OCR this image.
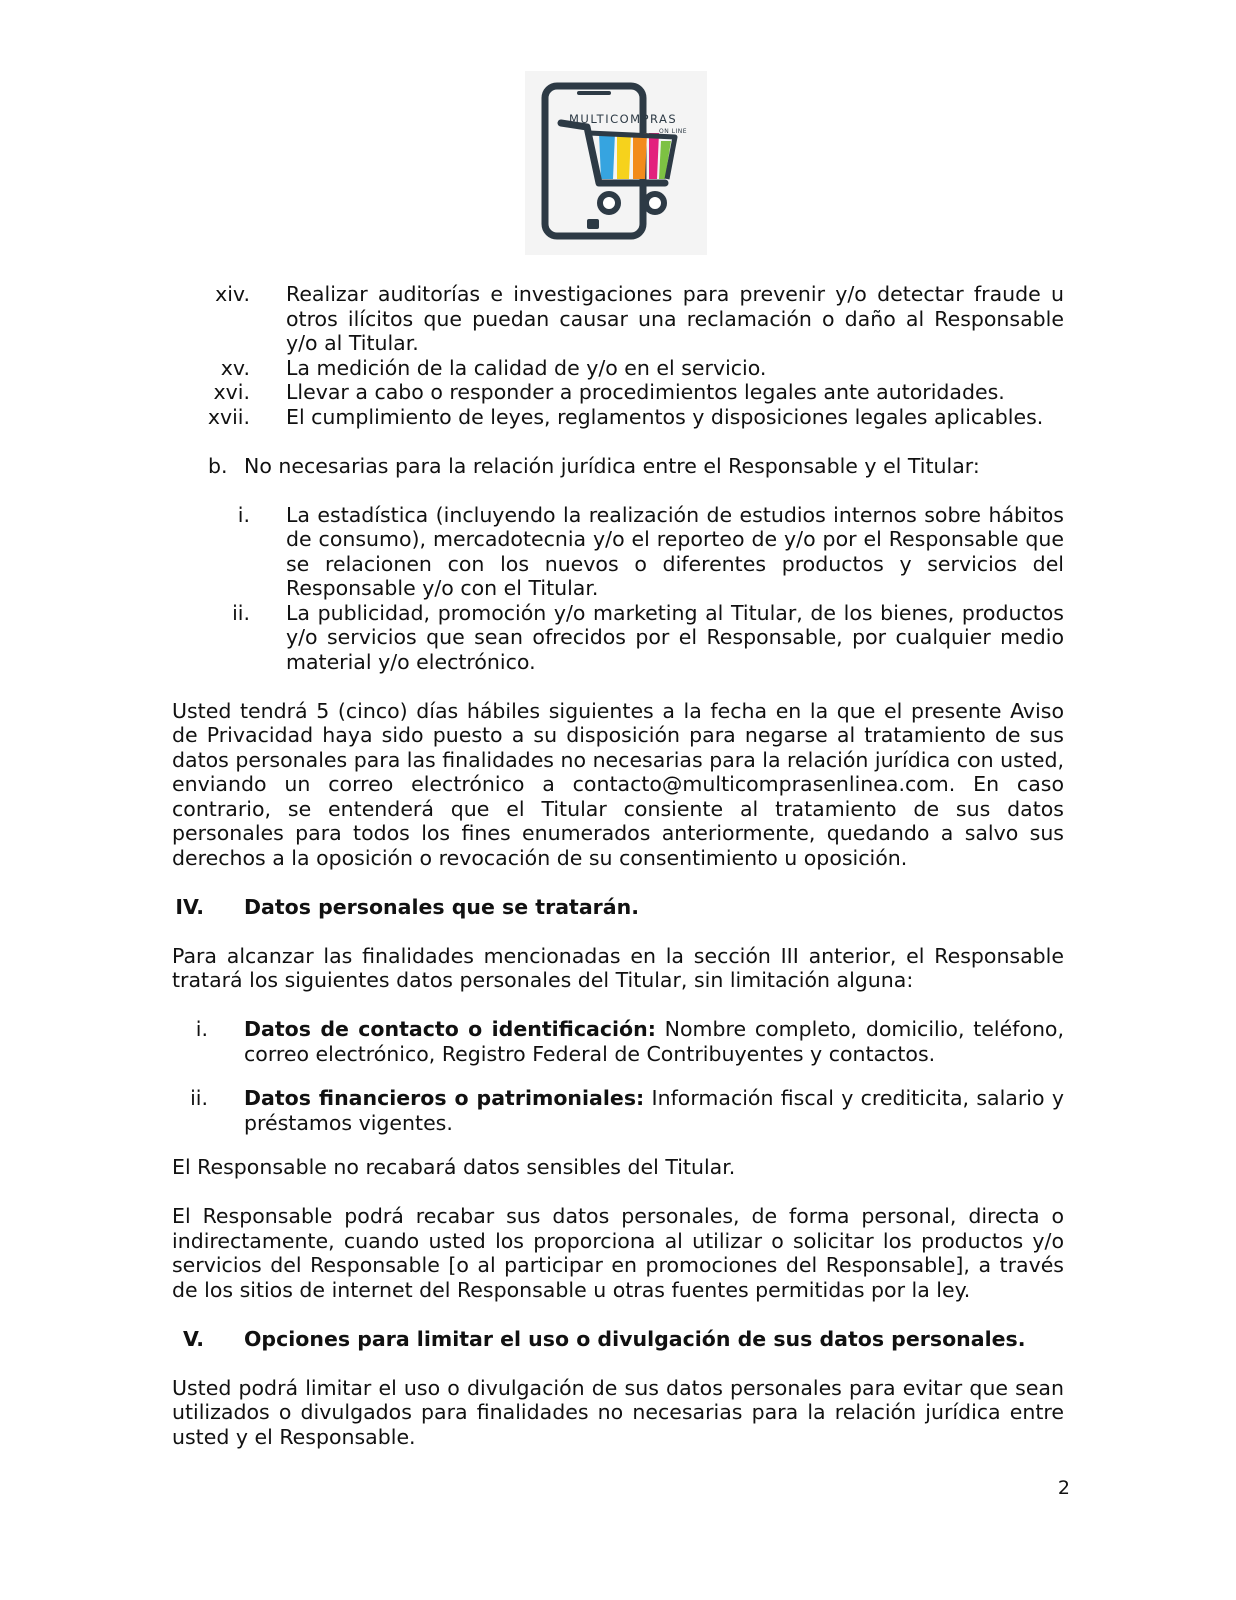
MULTICOMPRAS
ON LINE
xiv. Realizar auditorías e investigaciones para prevenir y/o detectar fraude u otros ilícitos que puedan causar una reclamación o daño al Responsable y/o al Titular.
xv. La medición de la calidad de y/o en el servicio.
xvi. Llevar a cabo o responder a procedimientos legales ante autoridades.
xvii. El cumplimiento de leyes, reglamentos y disposiciones legales aplicables.
b. No necesarias para la relación jurídica entre el Responsable y el Titular:
i. La estadística (incluyendo la realización de estudios internos sobre hábitos de consumo), mercadotecnia y/o el reporteo de y/o por el Responsable que se relacionen con los nuevos o diferentes productos y servicios del Responsable y/o con el Titular.
ii. La publicidad, promoción y/o marketing al Titular, de los bienes, productos y/o servicios que sean ofrecidos por el Responsable, por cualquier medio material y/o electrónico.

Usted tendrá 5 (cinco) días hábiles siguientes a la fecha en la que el presente Aviso de Privacidad haya sido puesto a su disposición para negarse al tratamiento de sus datos personales para las finalidades no necesarias para la relación jurídica con usted, enviando un correo electrónico a contacto@multicomprasenlinea.com. En caso contrario, se entenderá que el Titular consiente al tratamiento de sus datos personales para todos los fines enumerados anteriormente, quedando a salvo sus derechos a la oposición o revocación de su consentimiento u oposición.

IV. Datos personales que se tratarán.

Para alcanzar las finalidades mencionadas en la sección III anterior, el Responsable tratará los siguientes datos personales del Titular, sin limitación alguna:

i. Datos de contacto o identificación: Nombre completo, domicilio, teléfono, correo electrónico, Registro Federal de Contribuyentes y contactos.
ii. Datos financieros o patrimoniales: Información fiscal y crediticita, salario y préstamos vigentes.

El Responsable no recabará datos sensibles del Titular.

El Responsable podrá recabar sus datos personales, de forma personal, directa o indirectamente, cuando usted los proporciona al utilizar o solicitar los productos y/o servicios del Responsable [o al participar en promociones del Responsable], a través de los sitios de internet del Responsable u otras fuentes permitidas por la ley.

V. Opciones para limitar el uso o divulgación de sus datos personales.

Usted podrá limitar el uso o divulgación de sus datos personales para evitar que sean utilizados o divulgados para finalidades no necesarias para la relación jurídica entre usted y el Responsable.

2
